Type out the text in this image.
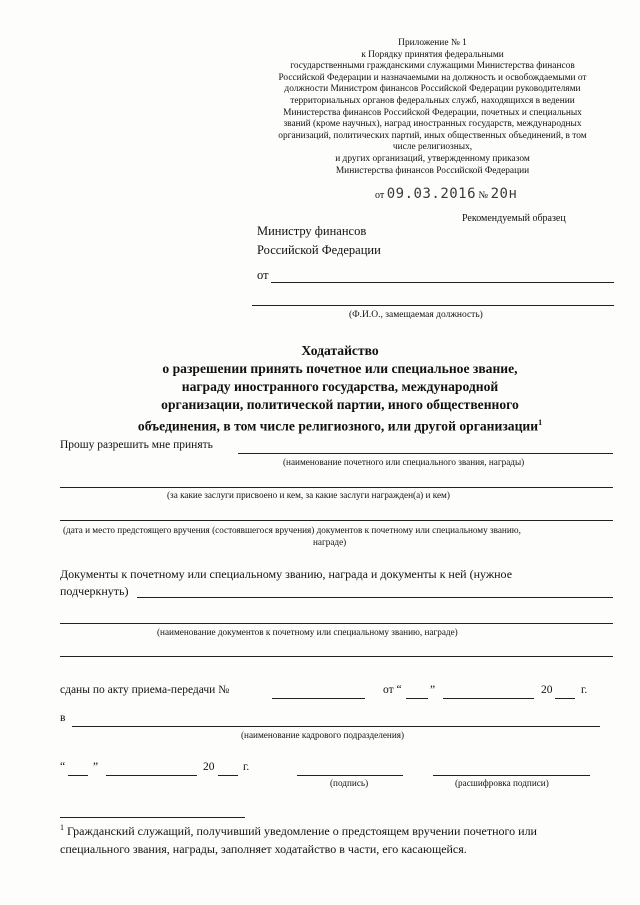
Приложение № 1
к Порядку принятия федеральными
государственными гражданскими служащими Министерства финансов
Российской Федерации и назначаемыми на должность и освобождаемыми от
должности Министром финансов Российской Федерации руководителями
территориальных органов федеральных служб, находящихся в ведении
Министерства финансов Российской Федерации, почетных и специальных
званий (кроме научных), наград иностранных государств, международных
организаций, политических партий, иных общественных объединений, в том
числе религиозных,
и других организаций, утвержденному приказом
Министерства финансов Российской Федерации
от 09.03.2016 № 20н
Рекомендуемый образец
Министру финансов
Российской Федерации
от
(Ф.И.О., замещаемая должность)
Ходатайство
о разрешении принять почетное или специальное звание,
награду иностранного государства, международной
организации, политической партии, иного общественного
объединения, в том числе религиозного, или другой организации$^1$
Прошу разрешить мне принять
(наименование почетного или специального звания, награды)
(за какие заслуги присвоено и кем, за какие заслуги награжден(а) и кем)
(дата и место предстоящего вручения (состоявшегося вручения) документов к почетному или специальному званию,
награде)
Документы к почетному или специальному званию, награда и документы к ней (нужное
подчеркнуть)
(наименование документов к почетному или специальному званию, награде)
сданы по акту приема-передачи №	от “ ”	20 г.
в
(наименование кадрового подразделения)
“ ”	20 г.
(подпись)	(расшифровка подписи)
$^1$ Гражданский служащий, получивший уведомление о предстоящем вручении почетного или
специального звания, награды, заполняет ходатайство в части, его касающейся.
